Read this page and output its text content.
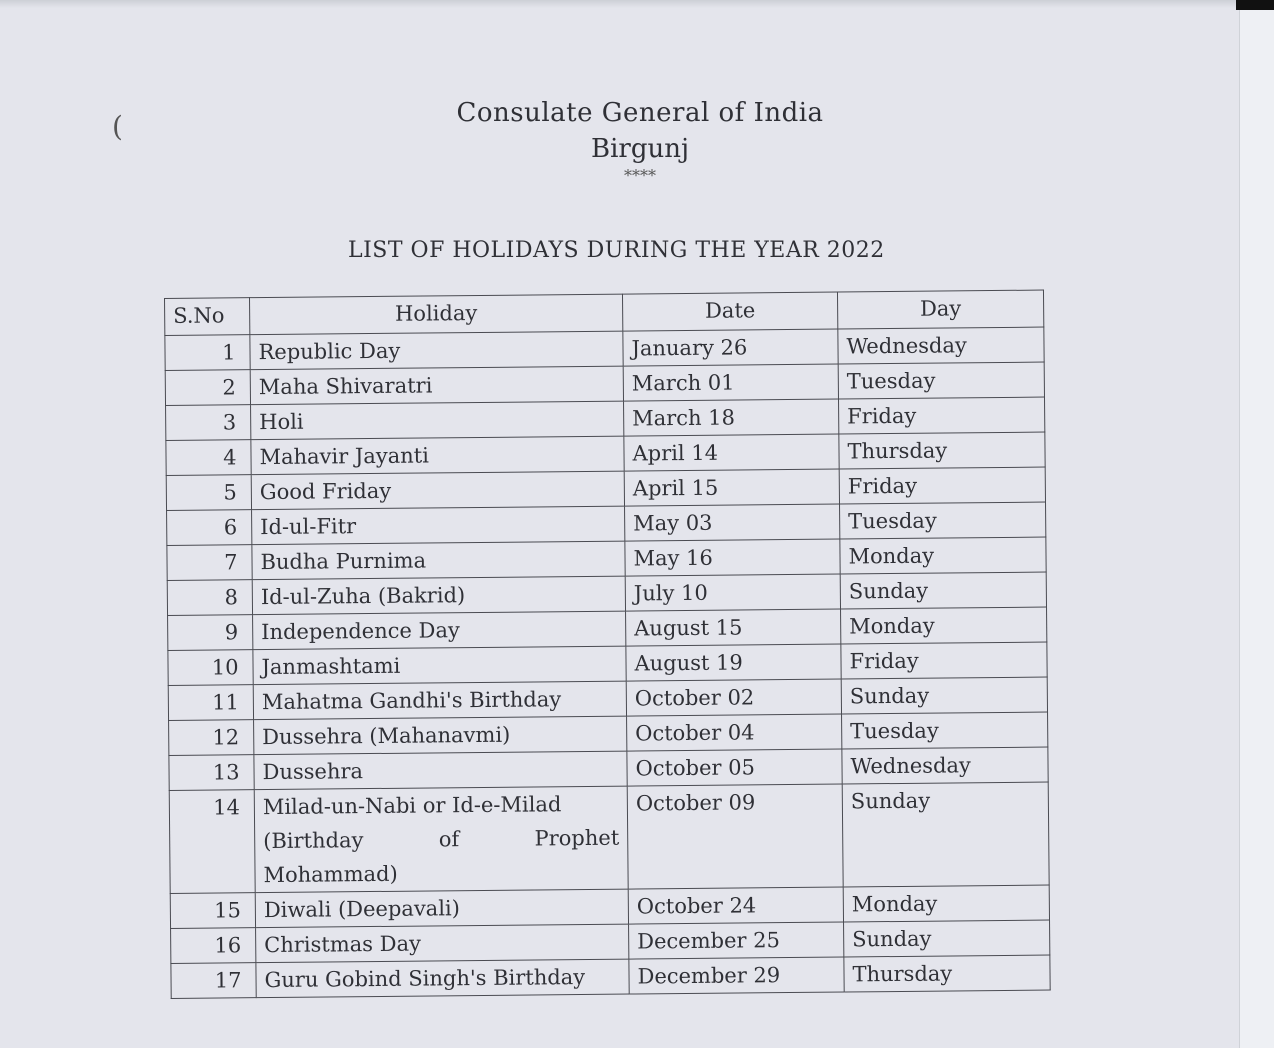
(	Consulate General of India
Birgunj
****
LIST OF HOLIDAYS DURING THE YEAR 2022
S.No	Holiday	Date	Day
1	Republic Day	January 26	Wednesday
2	Maha Shivaratri	March 01	Tuesday
3	Holi	March 18	Friday
4	Mahavir Jayanti	April 14	Thursday
5	Good Friday	April 15	Friday
6	Id-ul-Fitr	May 03	Tuesday
7	Budha Purnima	May 16	Monday
8	Id-ul-Zuha (Bakrid)	July 10	Sunday
9	Independence Day	August 15	Monday
10	Janmashtami	August 19	Friday
11	Mahatma Gandhi's Birthday	October 02	Sunday
12	Dussehra (Mahanavmi)	October 04	Tuesday
13	Dussehra	October 05	Wednesday
14	Milad-un-Nabi or Id-e-Milad
(Birthday of Prophet
Mohammad)	October 09	Sunday
15	Diwali (Deepavali)	October 24	Monday
16	Christmas Day	December 25	Sunday
17	Guru Gobind Singh's Birthday	December 29	Thursday
